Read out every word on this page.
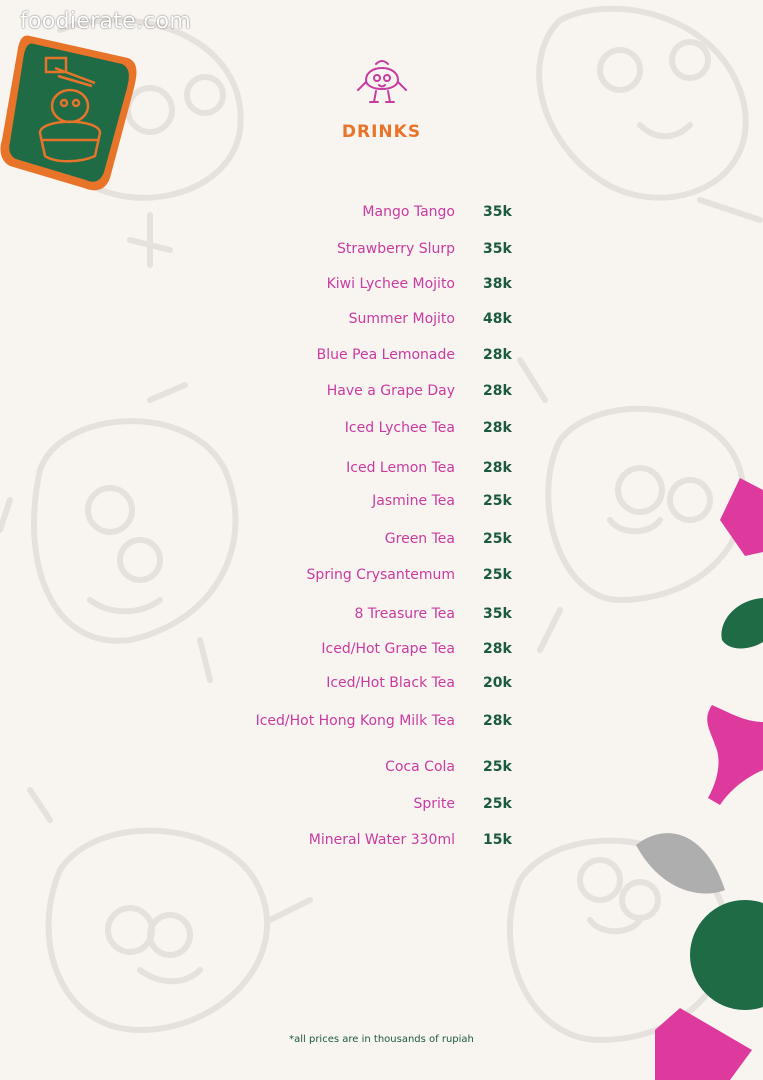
foodierate.com
DRINKS
Mango Tango 35k
Strawberry Slurp 35k
Kiwi Lychee Mojito 38k
Summer Mojito 48k
Blue Pea Lemonade 28k
Have a Grape Day 28k
Iced Lychee Tea 28k
Iced Lemon Tea 28k
Jasmine Tea 25k
Green Tea 25k
Spring Crysantemum 25k
8 Treasure Tea 35k
Iced/Hot Grape Tea 28k
Iced/Hot Black Tea 20k
Iced/Hot Hong Kong Milk Tea 28k
Coca Cola 25k
Sprite 25k
Mineral Water 330ml 15k
*all prices are in thousands of rupiah
